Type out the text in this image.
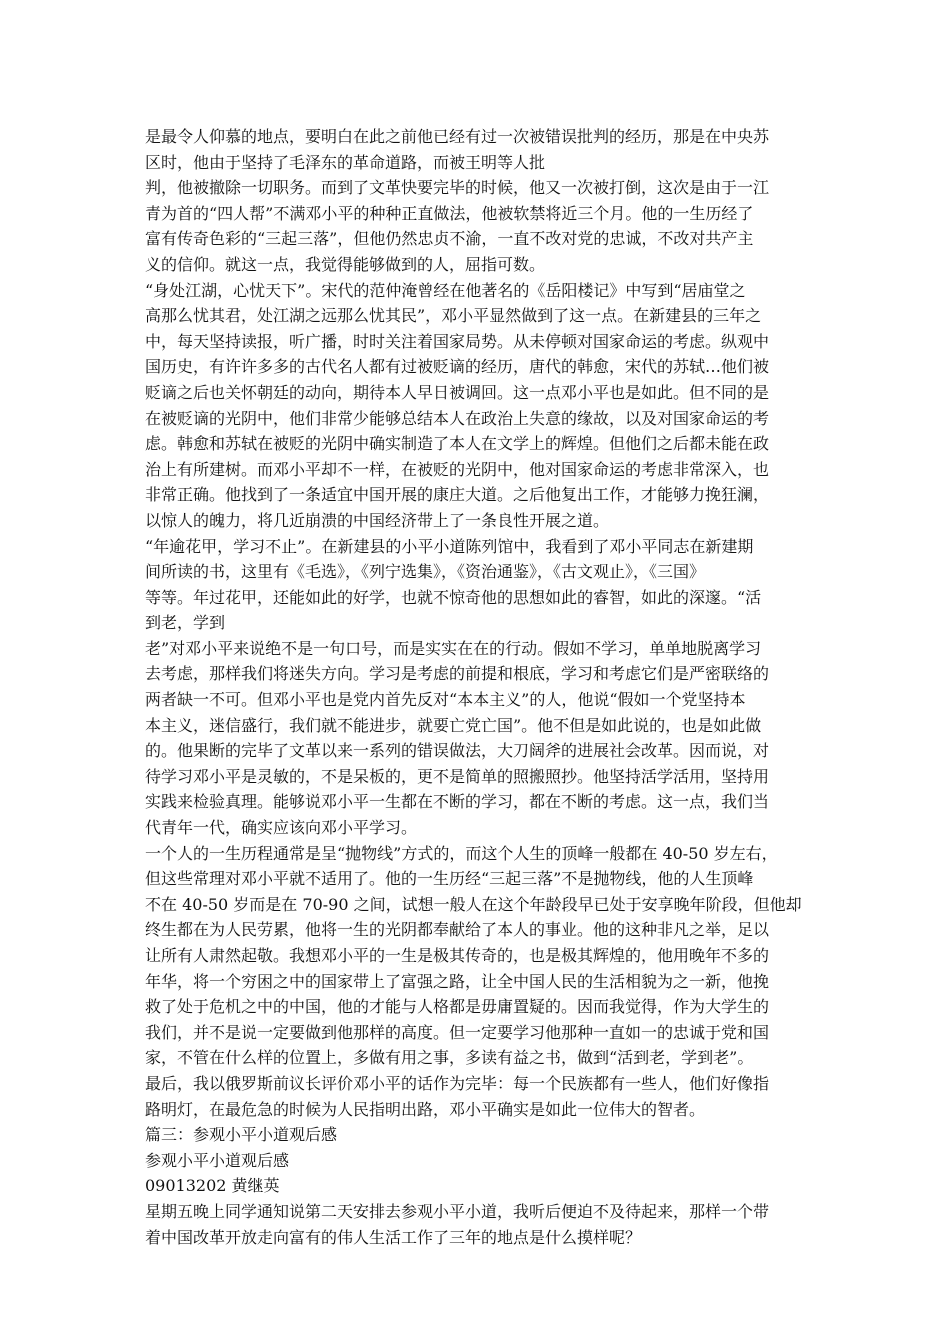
是最令人仰慕的地点，要明白在此之前他已经有过一次被错误批判的经历，那是在中央苏
区时，他由于坚持了毛泽东的革命道路，而被王明等人批
判，他被撤除一切职务。而到了文革快要完毕的时候，他又一次被打倒，这次是由于一江
青为首的“四人帮”不满邓小平的种种正直做法，他被软禁将近三个月。他的一生历经了
富有传奇色彩的“三起三落”，但他仍然忠贞不渝，一直不改对党的忠诚，不改对共产主
义的信仰。就这一点，我觉得能够做到的人，屈指可数。
“身处江湖，心忧天下”。宋代的范仲淹曾经在他著名的《岳阳楼记》中写到“居庙堂之
高那么忧其君，处江湖之远那么忧其民”，邓小平显然做到了这一点。在新建县的三年之
中，每天坚持读报，听广播，时时关注着国家局势。从未停顿对国家命运的考虑。纵观中
国历史，有许许多多的古代名人都有过被贬谪的经历，唐代的韩愈，宋代的苏轼…他们被
贬谪之后也关怀朝廷的动向，期待本人早日被调回。这一点邓小平也是如此。但不同的是
在被贬谪的光阴中，他们非常少能够总结本人在政治上失意的缘故，以及对国家命运的考
虑。韩愈和苏轼在被贬的光阴中确实制造了本人在文学上的辉煌。但他们之后都未能在政
治上有所建树。而邓小平却不一样，在被贬的光阴中，他对国家命运的考虑非常深入，也
非常正确。他找到了一条适宜中国开展的康庄大道。之后他复出工作，才能够力挽狂澜，
以惊人的魄力，将几近崩溃的中国经济带上了一条良性开展之道。
“年逾花甲，学习不止”。在新建县的小平小道陈列馆中，我看到了邓小平同志在新建期
间所读的书，这里有《毛选》，《列宁选集》，《资治通鉴》，《古文观止》，《三国》
等等。年过花甲，还能如此的好学，也就不惊奇他的思想如此的睿智，如此的深邃。“活
到老，学到
老”对邓小平来说绝不是一句口号，而是实实在在的行动。假如不学习，单单地脱离学习
去考虑，那样我们将迷失方向。学习是考虑的前提和根底，学习和考虑它们是严密联络的
两者缺一不可。但邓小平也是党内首先反对“本本主义”的人，他说“假如一个党坚持本
本主义，迷信盛行，我们就不能进步，就要亡党亡国”。他不但是如此说的，也是如此做
的。他果断的完毕了文革以来一系列的错误做法，大刀阔斧的进展社会改革。因而说，对
待学习邓小平是灵敏的，不是呆板的，更不是简单的照搬照抄。他坚持活学活用，坚持用
实践来检验真理。能够说邓小平一生都在不断的学习，都在不断的考虑。这一点，我们当
代青年一代，确实应该向邓小平学习。
一个人的一生历程通常是呈“抛物线”方式的，而这个人生的顶峰一般都在 40-50 岁左右，
但这些常理对邓小平就不适用了。他的一生历经“三起三落”不是抛物线，他的人生顶峰
不在 40-50 岁而是在 70-90 之间，试想一般人在这个年龄段早已处于安享晚年阶段，但他却
终生都在为人民劳累，他将一生的光阴都奉献给了本人的事业。他的这种非凡之举，足以
让所有人肃然起敬。我想邓小平的一生是极其传奇的，也是极其辉煌的，他用晚年不多的
年华，将一个穷困之中的国家带上了富强之路，让全中国人民的生活相貌为之一新，他挽
救了处于危机之中的中国，他的才能与人格都是毋庸置疑的。因而我觉得，作为大学生的
我们，并不是说一定要做到他那样的高度。但一定要学习他那种一直如一的忠诚于党和国
家，不管在什么样的位置上，多做有用之事，多读有益之书，做到“活到老，学到老”。
最后，我以俄罗斯前议长评价邓小平的话作为完毕：每一个民族都有一些人，他们好像指
路明灯，在最危急的时候为人民指明出路，邓小平确实是如此一位伟大的智者。
篇三：参观小平小道观后感
参观小平小道观后感
09013202 黄继英
星期五晚上同学通知说第二天安排去参观小平小道，我听后便迫不及待起来，那样一个带
着中国改革开放走向富有的伟人生活工作了三年的地点是什么摸样呢？
